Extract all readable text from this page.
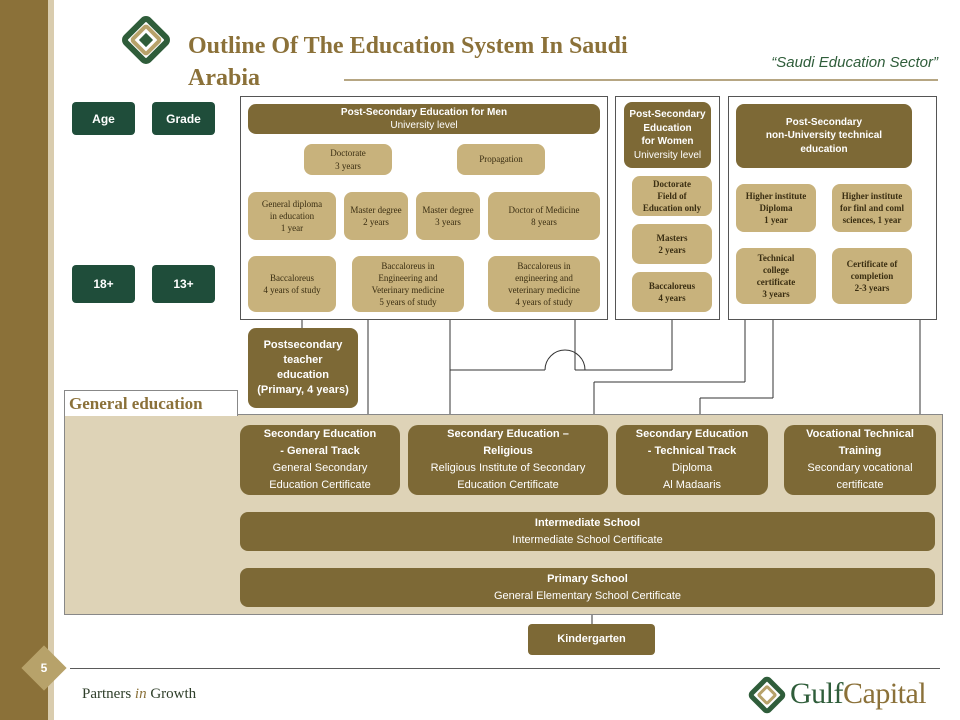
Outline Of The Education System In Saudi Arabia
“Saudi Education Sector”
Age	Grade
18+	13+
Post-Secondary Education for Men
University level
Doctorate
3 years
Propagation
General diploma
in education
1 year
Master degree
2 years
Master degree
3 years
Doctor of Medicine
8 years
Baccaloreus
4 years of study
Baccaloreus in
Engineering and
Veterinary medicine
5 years of study
Baccaloreus in
engineering and
veterinary medicine
4 years of study
Post-Secondary
Education
for Women
University level
Doctorate
Field of
Education only
Masters
2 years
Baccaloreus
4 years
Post-Secondary
non-University technical
education
Higher institute
Diploma
1 year
Higher institute
for finl and coml
sciences, 1 year
Technical
college
certificate
3 years
Certificate of
completion
2-3 years
Postsecondary
teacher
education
(Primary, 4 years)
General education
Secondary Education
- General Track
General Secondary
Education Certificate
Secondary Education –
Religious
Religious Institute of Secondary
Education Certificate
Secondary Education
- Technical Track
Diploma
Al Madaaris
Vocational Technical
Training
Secondary vocational
certificate
Intermediate School
Intermediate School Certificate
Primary School
General Elementary School Certificate
Kindergarten
5
Partners in Growth	GulfCapital
